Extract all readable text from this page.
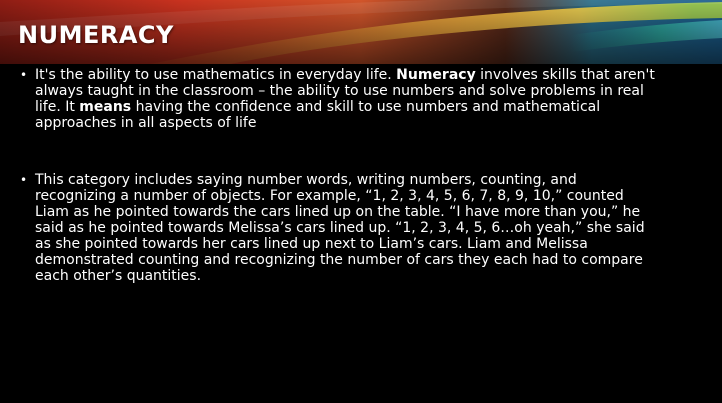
NUMERACY
• It's the ability to use mathematics in everyday life. Numeracy involves skills that aren't always taught in the classroom – the ability to use numbers and solve problems in real life. It means having the confidence and skill to use numbers and mathematical approaches in all aspects of life
• This category includes saying number words, writing numbers, counting, and recognizing a number of objects. For example, “1, 2, 3, 4, 5, 6, 7, 8, 9, 10,” counted Liam as he pointed towards the cars lined up on the table. “I have more than you,” he said as he pointed towards Melissa’s cars lined up. “1, 2, 3, 4, 5, 6…oh yeah,” she said as she pointed towards her cars lined up next to Liam’s cars. Liam and Melissa demonstrated counting and recognizing the number of cars they each had to compare each other’s quantities.
